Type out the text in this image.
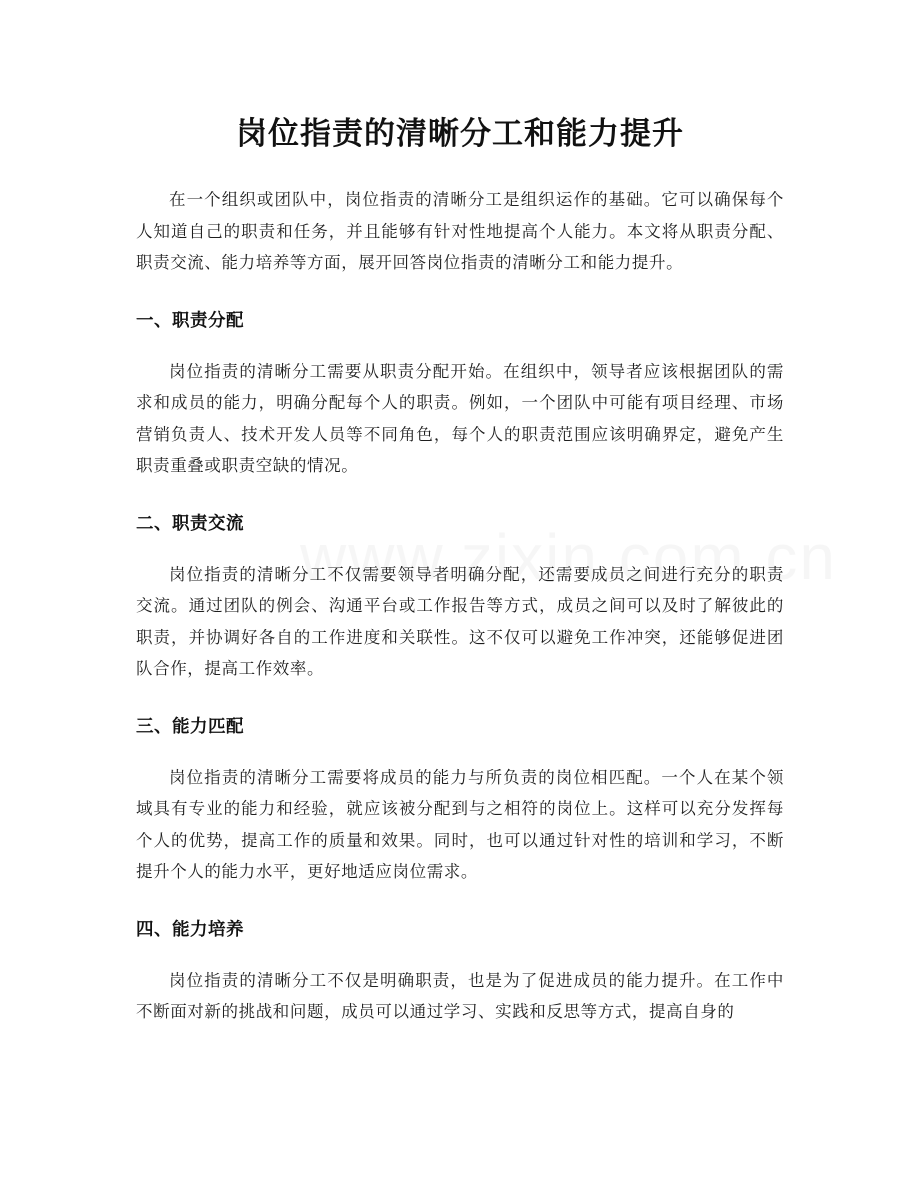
岗位指责的清晰分工和能力提升

在一个组织或团队中，岗位指责的清晰分工是组织运作的基础。它可以确保每个人知道自己的职责和任务，并且能够有针对性地提高个人能力。本文将从职责分配、职责交流、能力培养等方面，展开回答岗位指责的清晰分工和能力提升。

一、职责分配

岗位指责的清晰分工需要从职责分配开始。在组织中，领导者应该根据团队的需求和成员的能力，明确分配每个人的职责。例如，一个团队中可能有项目经理、市场营销负责人、技术开发人员等不同角色，每个人的职责范围应该明确界定，避免产生职责重叠或职责空缺的情况。

二、职责交流

岗位指责的清晰分工不仅需要领导者明确分配，还需要成员之间进行充分的职责交流。通过团队的例会、沟通平台或工作报告等方式，成员之间可以及时了解彼此的职责，并协调好各自的工作进度和关联性。这不仅可以避免工作冲突，还能够促进团队合作，提高工作效率。

三、能力匹配

岗位指责的清晰分工需要将成员的能力与所负责的岗位相匹配。一个人在某个领域具有专业的能力和经验，就应该被分配到与之相符的岗位上。这样可以充分发挥每个人的优势，提高工作的质量和效果。同时，也可以通过针对性的培训和学习，不断提升个人的能力水平，更好地适应岗位需求。

四、能力培养

岗位指责的清晰分工不仅是明确职责，也是为了促进成员的能力提升。在工作中不断面对新的挑战和问题，成员可以通过学习、实践和反思等方式，提高自身的
